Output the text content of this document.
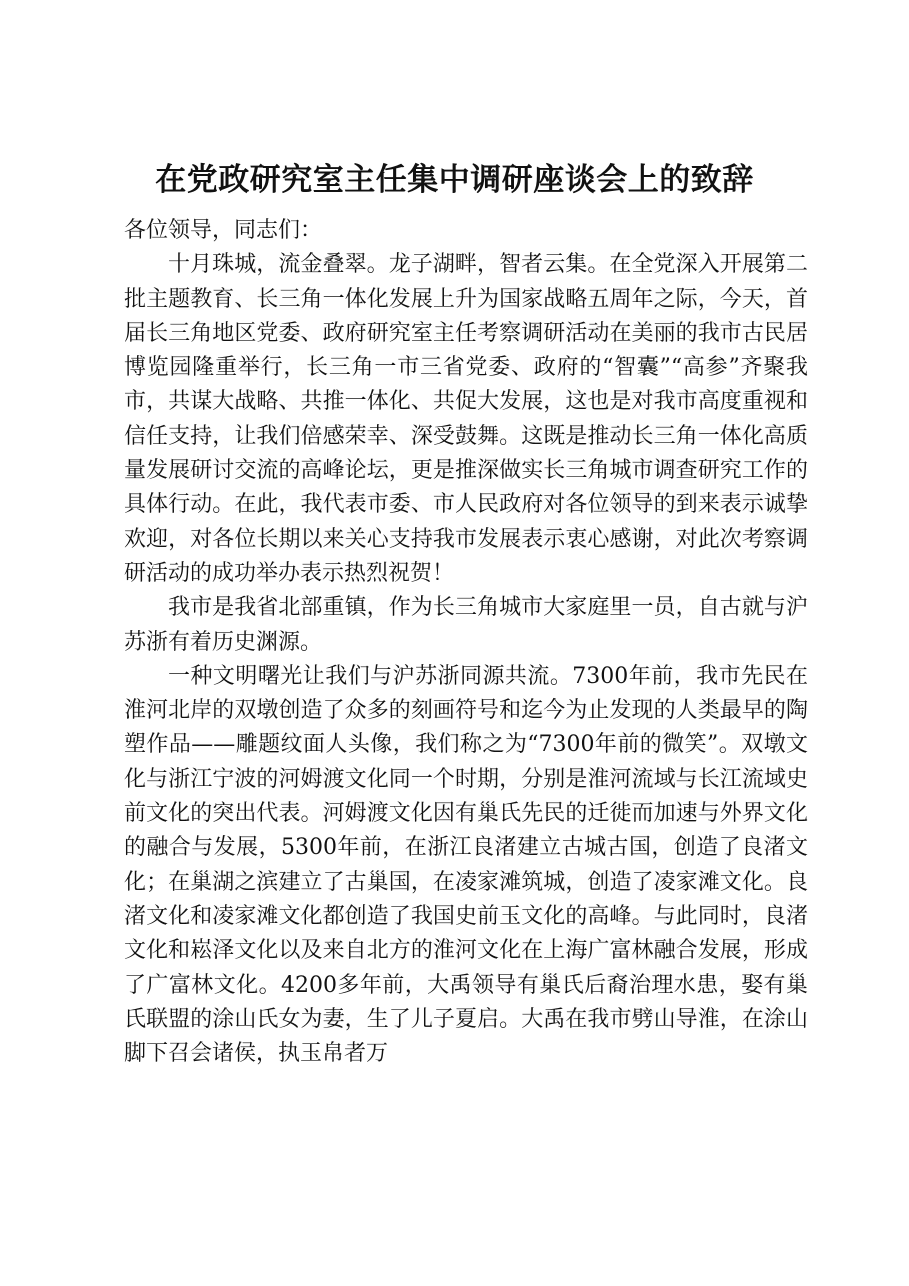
在党政研究室主任集中调研座谈会上的致辞

各位领导，同志们：

十月珠城，流金叠翠。龙子湖畔，智者云集。在全党深入开展第二批主题教育、长三角一体化发展上升为国家战略五周年之际，今天，首届长三角地区党委、政府研究室主任考察调研活动在美丽的我市古民居博览园隆重举行，长三角一市三省党委、政府的“智囊”“高参”齐聚我市，共谋大战略、共推一体化、共促大发展，这也是对我市高度重视和信任支持，让我们倍感荣幸、深受鼓舞。这既是推动长三角一体化高质量发展研讨交流的高峰论坛，更是推深做实长三角城市调查研究工作的具体行动。在此，我代表市委、市人民政府对各位领导的到来表示诚挚欢迎，对各位长期以来关心支持我市发展表示衷心感谢，对此次考察调研活动的成功举办表示热烈祝贺！

我市是我省北部重镇，作为长三角城市大家庭里一员，自古就与沪苏浙有着历史渊源。

一种文明曙光让我们与沪苏浙同源共流。7300年前，我市先民在淮河北岸的双墩创造了众多的刻画符号和迄今为止发现的人类最早的陶塑作品——雕题纹面人头像，我们称之为“7300年前的微笑”。双墩文化与浙江宁波的河姆渡文化同一个时期，分别是淮河流域与长江流域史前文化的突出代表。河姆渡文化因有巢氏先民的迁徙而加速与外界文化的融合与发展，5300年前，在浙江良渚建立古城古国，创造了良渚文化；在巢湖之滨建立了古巢国，在凌家滩筑城，创造了凌家滩文化。良渚文化和凌家滩文化都创造了我国史前玉文化的高峰。与此同时，良渚文化和崧泽文化以及来自北方的淮河文化在上海广富林融合发展，形成了广富林文化。4200多年前，大禹领导有巢氏后裔治理水患，娶有巢氏联盟的涂山氏女为妻，生了儿子夏启。大禹在我市劈山导淮，在涂山脚下召会诸侯，执玉帛者万
